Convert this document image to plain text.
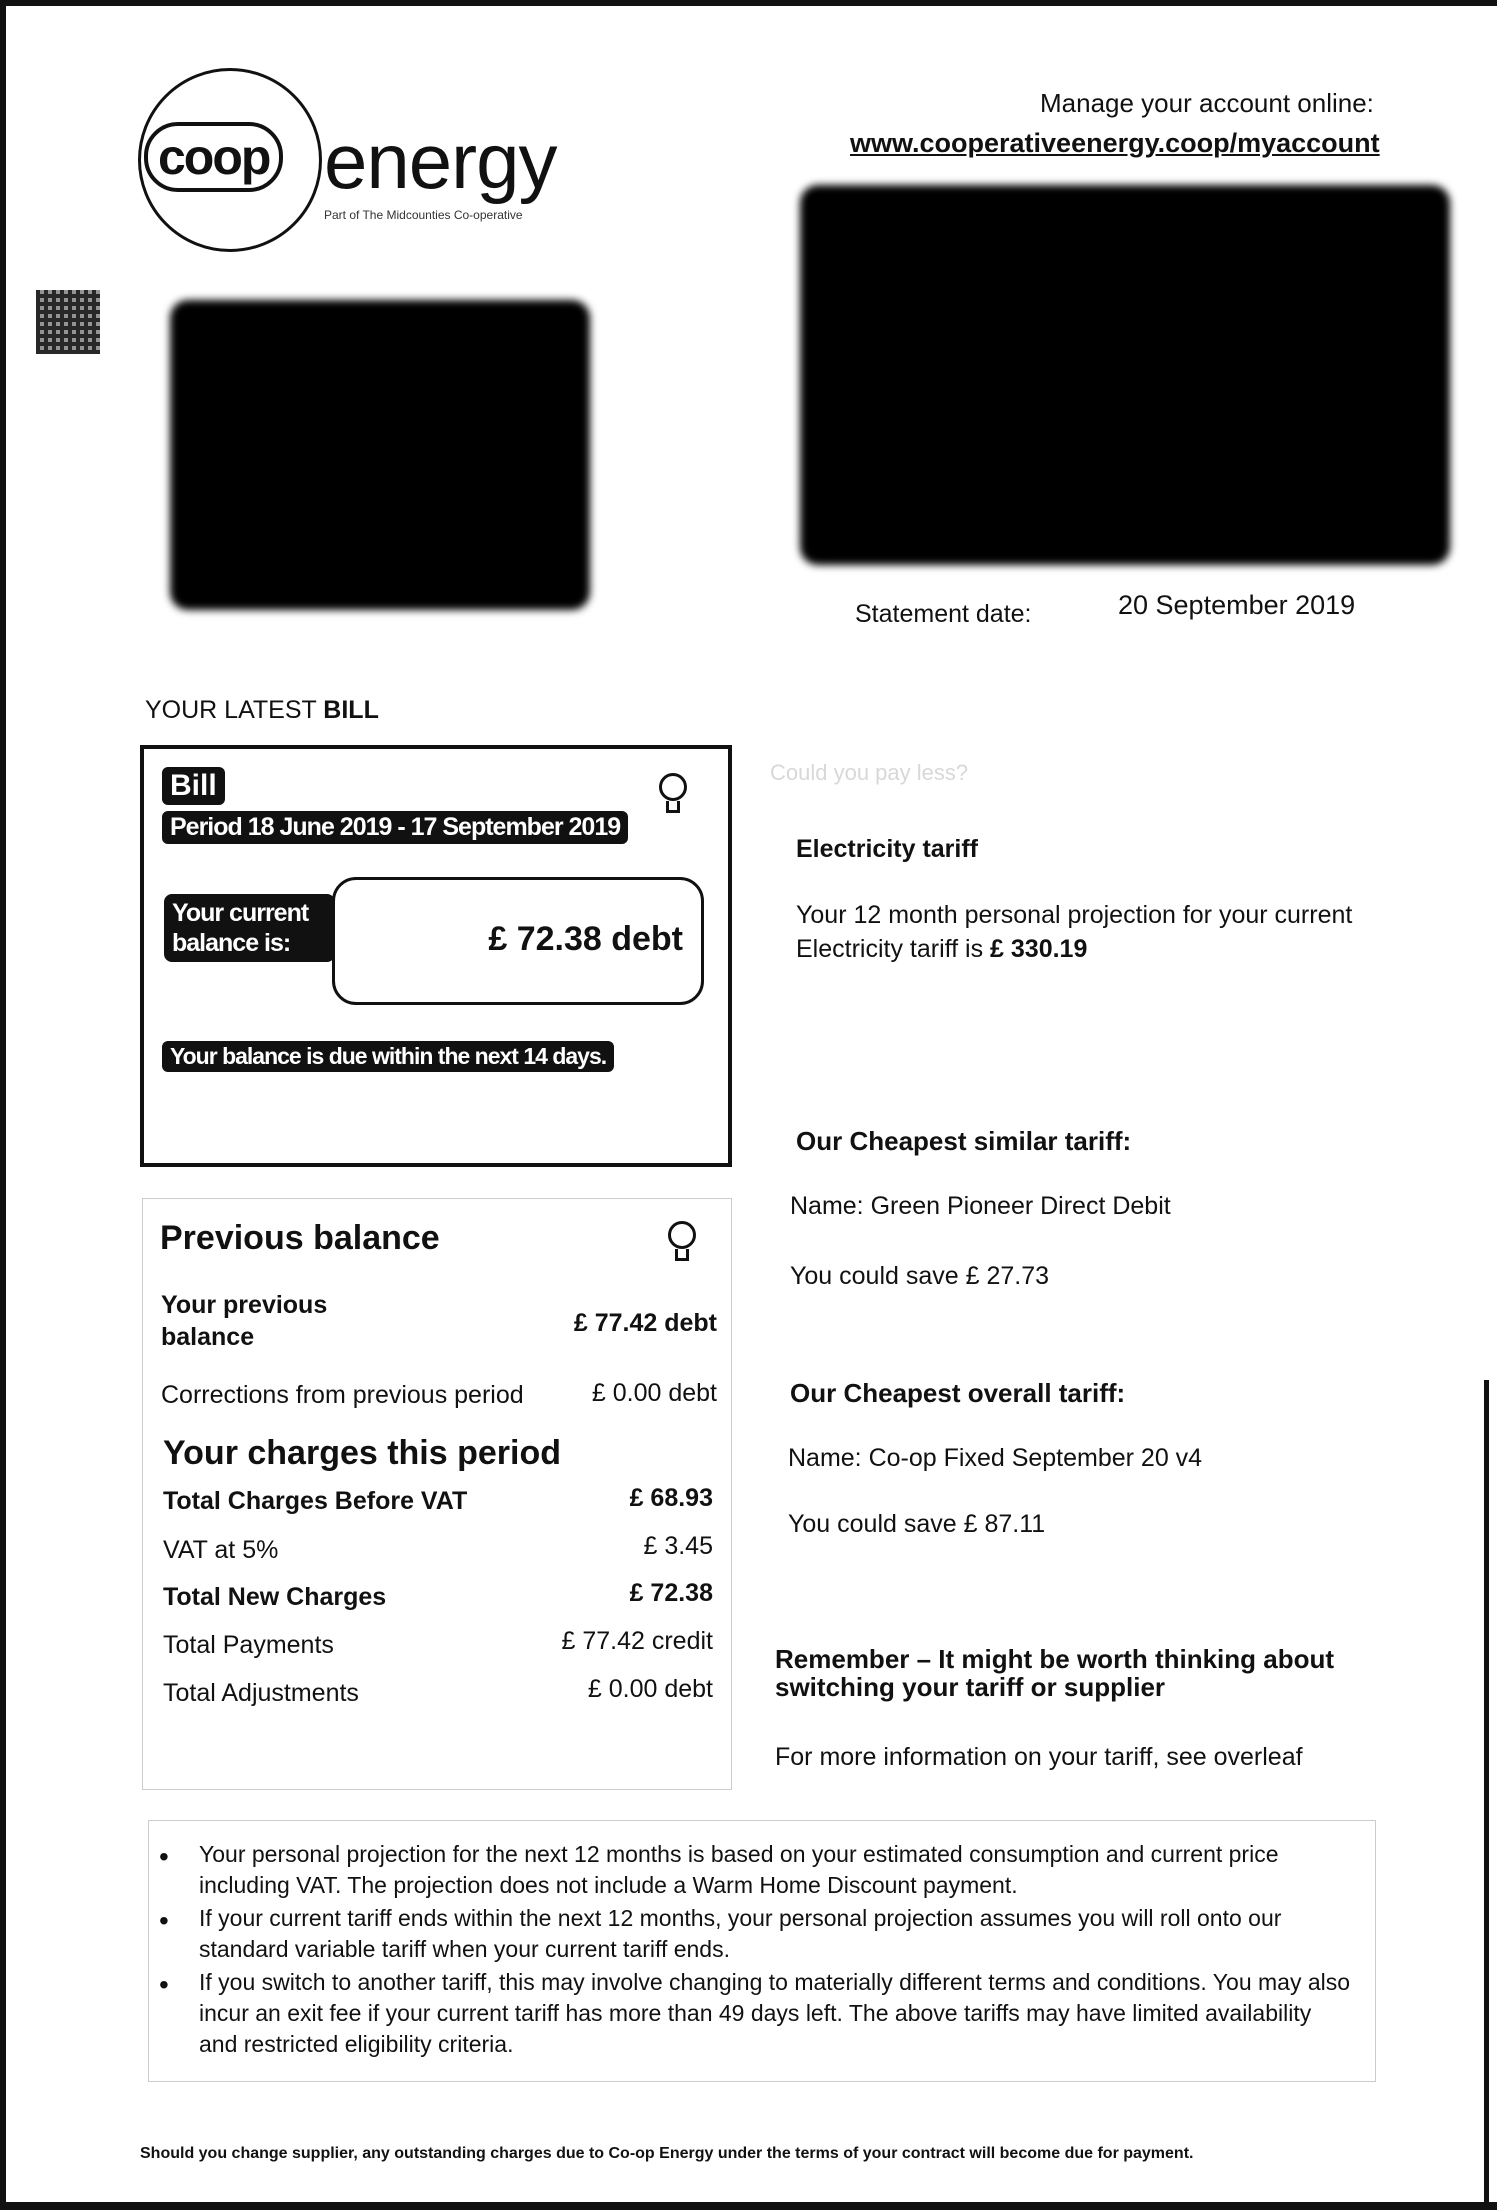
coop energy
Part of The Midcounties Co-operative
Manage your account online:
www.cooperativeenergy.coop/myaccount
Statement date:	20 September 2019
YOUR LATEST BILL
Bill
Period 18 June 2019 - 17 September 2019
Your current balance is:	£ 72.38 debt
Your balance is due within the next 14 days.
Previous balance
Your previous balance	£ 77.42 debt
Corrections from previous period	£ 0.00 debt
Your charges this period
Total Charges Before VAT	£ 68.93
VAT at 5%	£ 3.45
Total New Charges	£ 72.38
Total Payments	£ 77.42 credit
Total Adjustments	£ 0.00 debt
Could you pay less?
Electricity tariff
Your 12 month personal projection for your current Electricity tariff is £ 330.19
Our Cheapest similar tariff:
Name: Green Pioneer Direct Debit
You could save £ 27.73
Our Cheapest overall tariff:
Name: Co-op Fixed September 20 v4
You could save £ 87.11
Remember – It might be worth thinking about switching your tariff or supplier
For more information on your tariff, see overleaf
• Your personal projection for the next 12 months is based on your estimated consumption and current price including VAT. The projection does not include a Warm Home Discount payment.
• If your current tariff ends within the next 12 months, your personal projection assumes you will roll onto our standard variable tariff when your current tariff ends.
• If you switch to another tariff, this may involve changing to materially different terms and conditions. You may also incur an exit fee if your current tariff has more than 49 days left. The above tariffs may have limited availability and restricted eligibility criteria.
Should you change supplier, any outstanding charges due to Co-op Energy under the terms of your contract will become due for payment.
